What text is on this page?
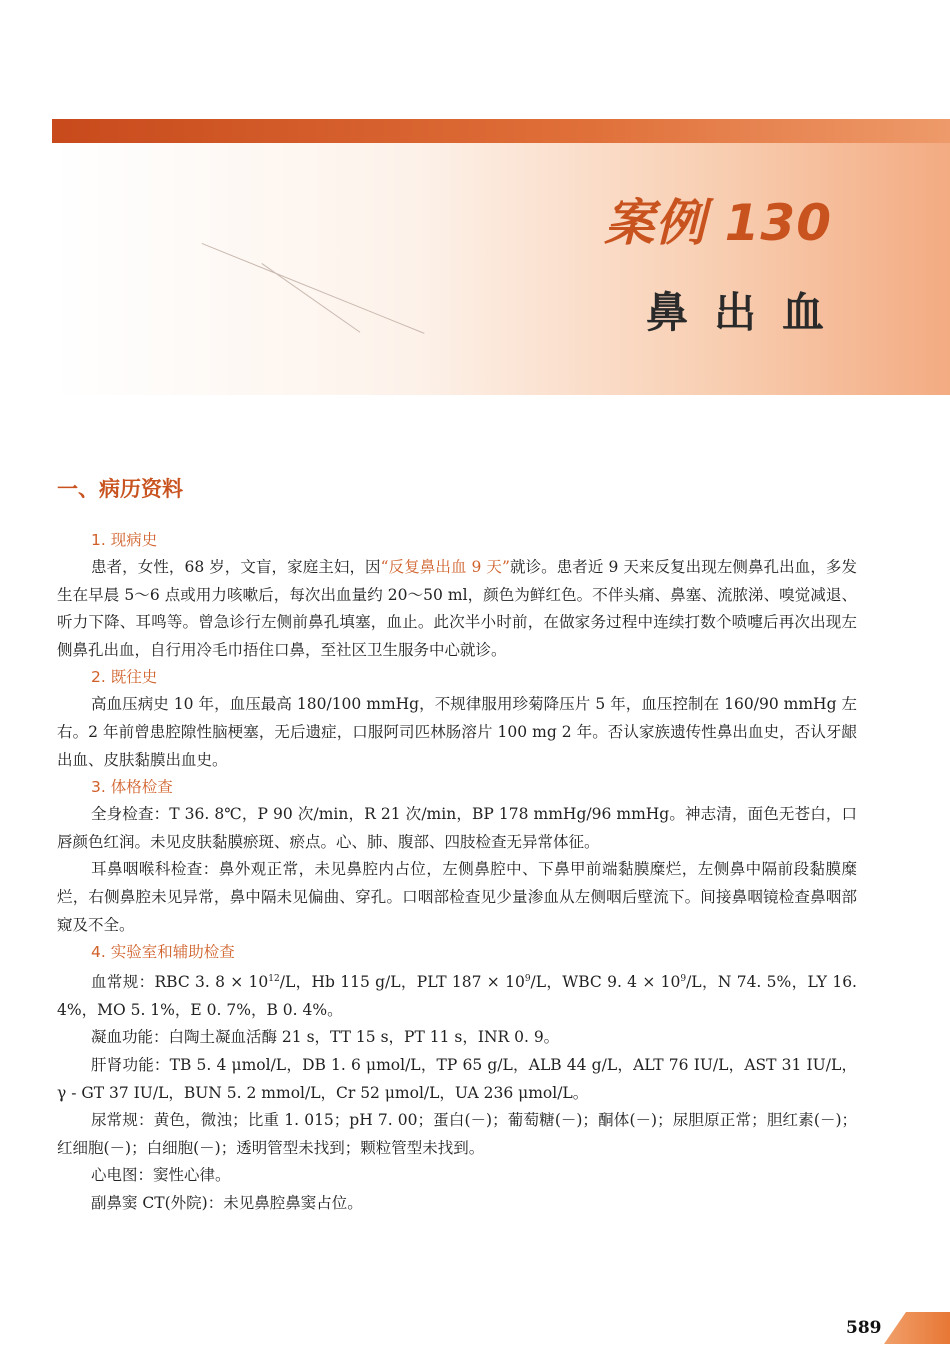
案例 130
鼻出血
一、病历资料

1. 现病史

患者，女性，68 岁，文盲，家庭主妇，因“反复鼻出血 9 天”就诊。患者近 9 天来反复出现左侧鼻孔出血，多发生在早晨 5～6 点或用力咳嗽后，每次出血量约 20～50 ml，颜色为鲜红色。不伴头痛、鼻塞、流脓涕、嗅觉减退、听力下降、耳鸣等。曾急诊行左侧前鼻孔填塞，血止。此次半小时前，在做家务过程中连续打数个喷嚏后再次出现左侧鼻孔出血，自行用冷毛巾捂住口鼻，至社区卫生服务中心就诊。

2. 既往史

高血压病史 10 年，血压最高 180/100 mmHg，不规律服用珍菊降压片 5 年，血压控制在 160/90 mmHg 左右。2 年前曾患腔隙性脑梗塞，无后遗症，口服阿司匹林肠溶片 100 mg 2 年。否认家族遗传性鼻出血史，否认牙龈出血、皮肤黏膜出血史。

3. 体格检查

全身检查：T 36. 8℃，P 90 次/min，R 21 次/min，BP 178 mmHg/96 mmHg。神志清，面色无苍白，口唇颜色红润。未见皮肤黏膜瘀斑、瘀点。心、肺、腹部、四肢检查无异常体征。

耳鼻咽喉科检查：鼻外观正常，未见鼻腔内占位，左侧鼻腔中、下鼻甲前端黏膜糜烂，左侧鼻中隔前段黏膜糜烂，右侧鼻腔未见异常，鼻中隔未见偏曲、穿孔。口咽部检查见少量渗血从左侧咽后壁流下。间接鼻咽镜检查鼻咽部窥及不全。

4. 实验室和辅助检查

血常规：RBC 3. $8 \times 10^{12}/L$，Hb 115 g/L，PLT $187 \times 10^9/L$，WBC 9. $4 \times 10^9/L$，N 74. 5%，LY 16. 4%，MO 5. 1%，E 0. 7%，B 0. 4%。

凝血功能：白陶土凝血活酶 21 s，TT 15 s，PT 11 s，INR 0. 9。

肝肾功能：TB 5. 4 μmol/L，DB 1. 6 μmol/L，TP 65 g/L，ALB 44 g/L，ALT 76 IU/L，AST 31 IU/L，γ - GT 37 IU/L，BUN 5. 2 mmol/L，Cr 52 μmol/L，UA 236 μmol/L。

尿常规：黄色，微浊；比重 1. 015；pH 7. 00；蛋白(－)；葡萄糖(－)；酮体(－)；尿胆原正常；胆红素(－)；红细胞(－)；白细胞(－)；透明管型未找到；颗粒管型未找到。

心电图：窦性心律。

副鼻窦 CT(外院)：未见鼻腔鼻窦占位。

589
